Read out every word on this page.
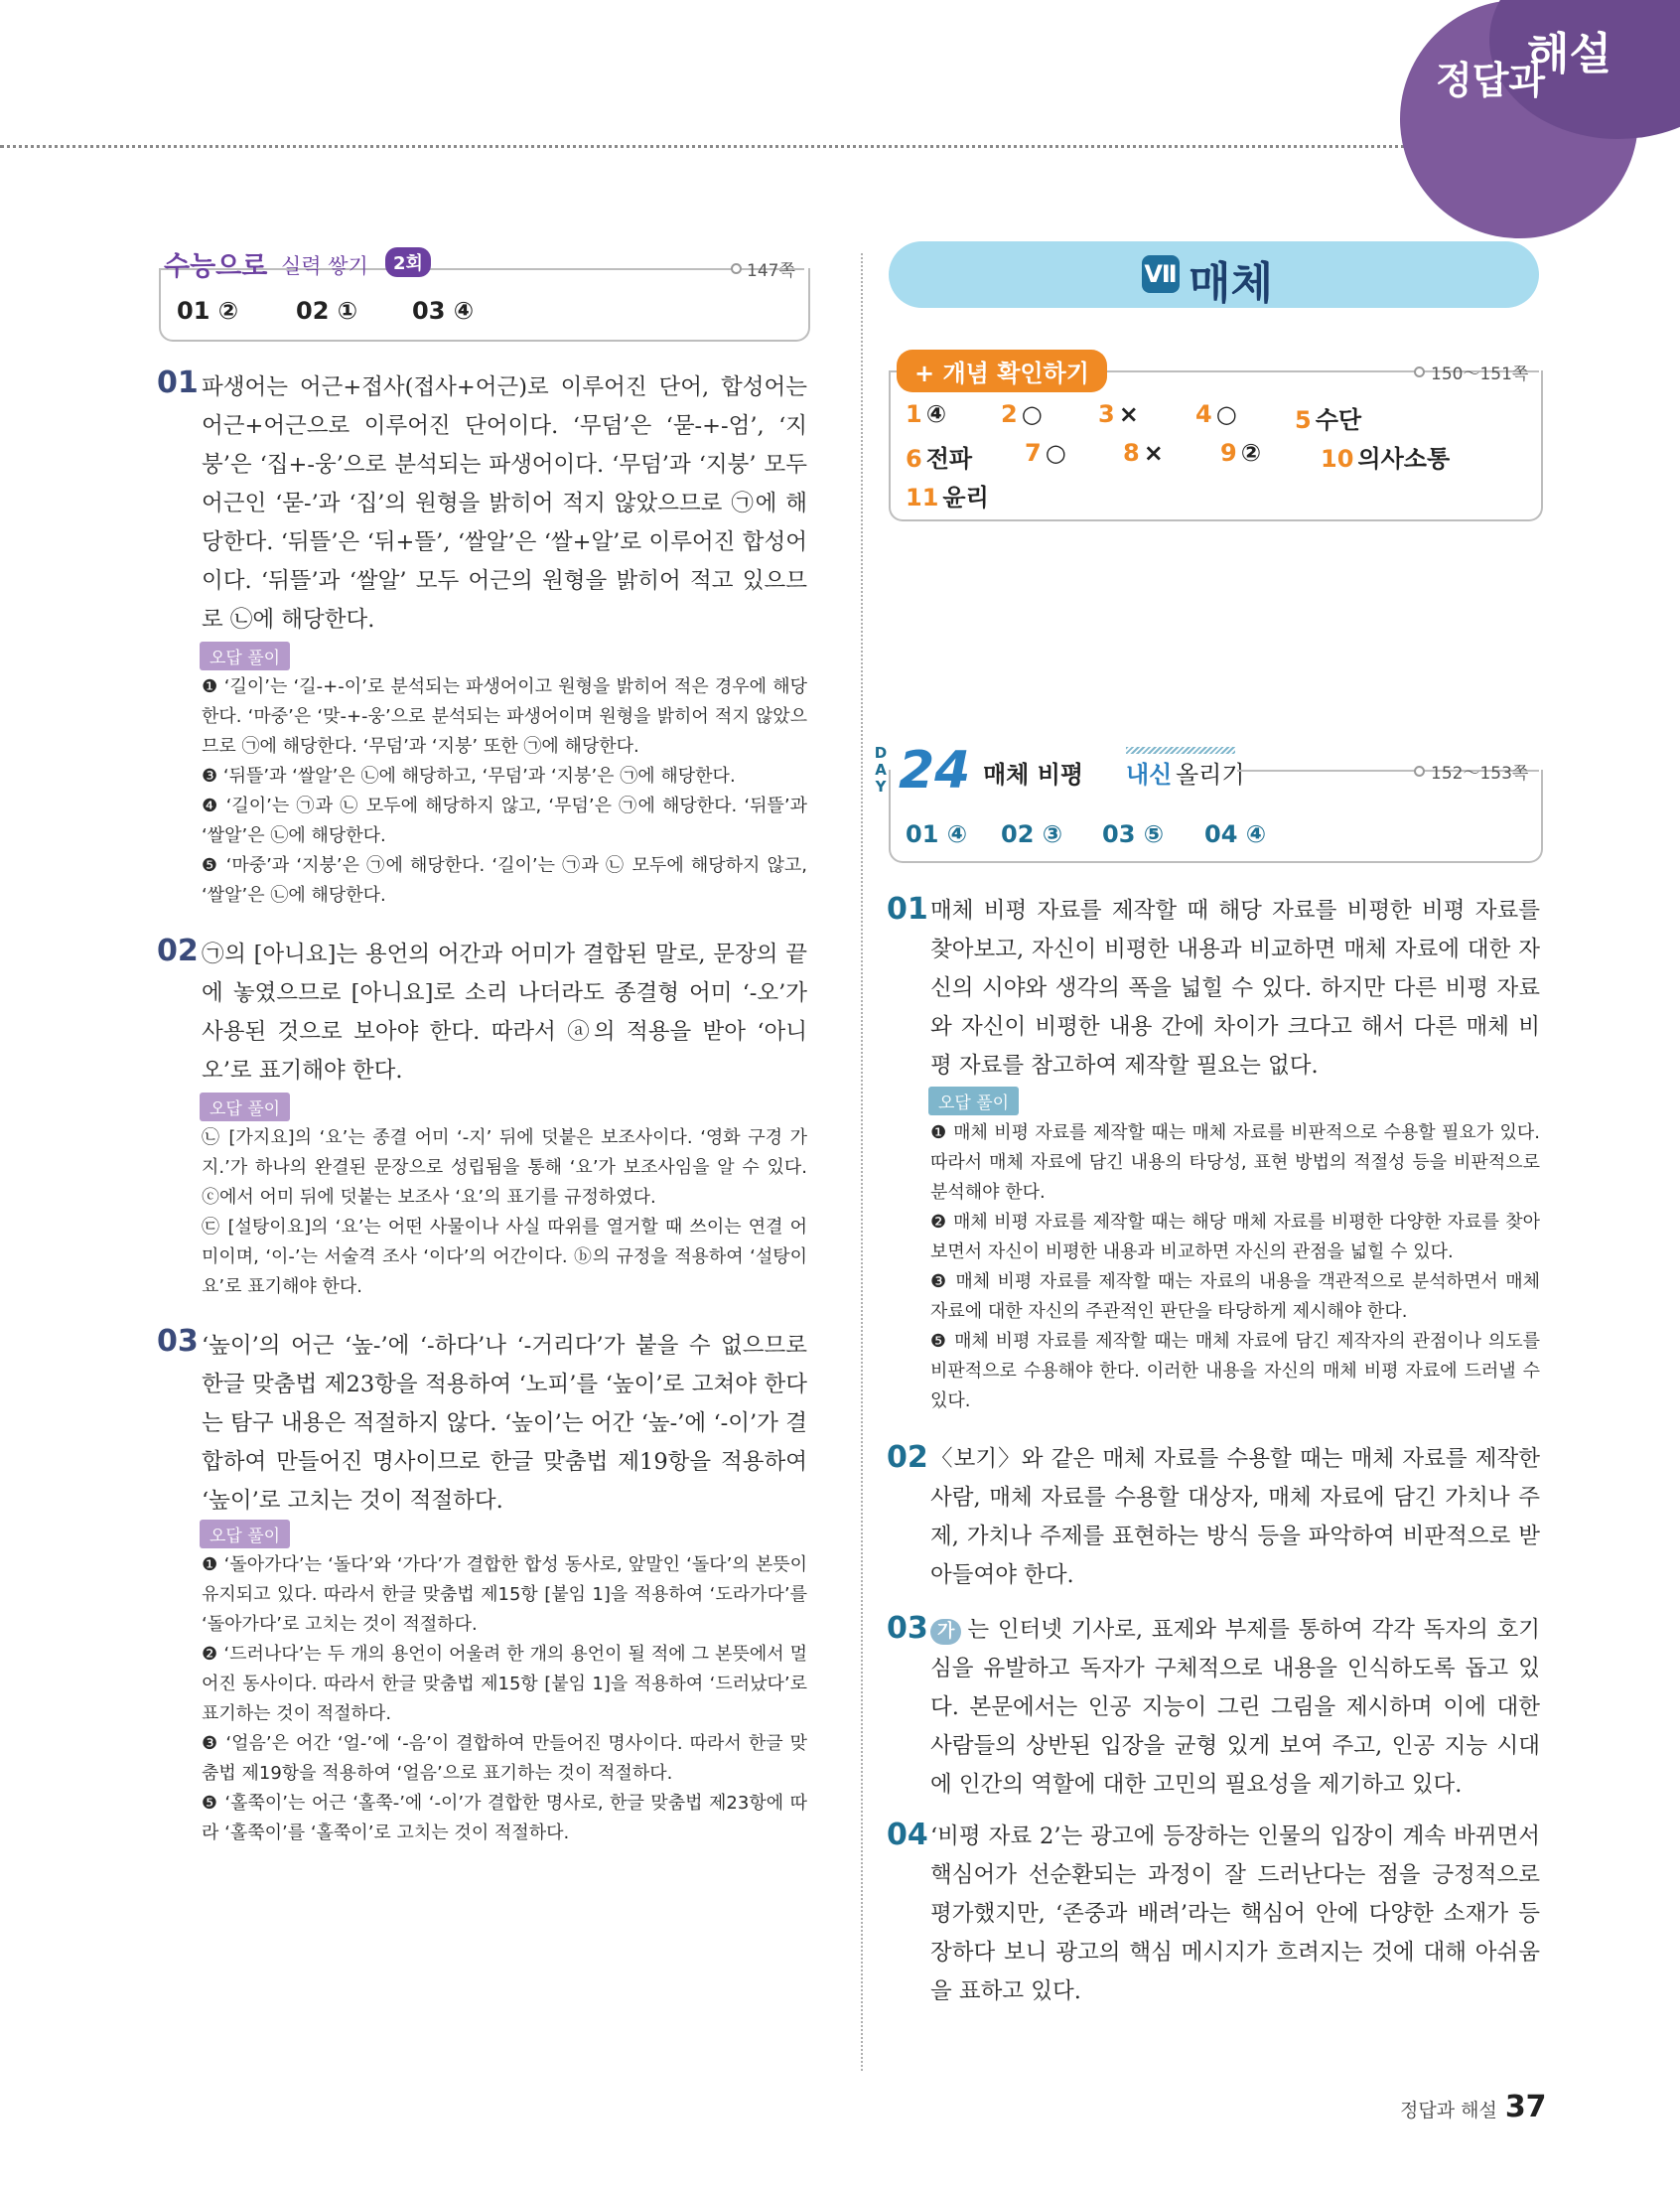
정답과
해설
수능으로 실력 쌓기	2회	147쪽
01 ② 02 ① 03 ④
01 파생어는 어근+접사(접사+어근)로 이루어진 단어, 합성어는 어근+어근으로 이루어진 단어이다. ‘무덤’은 ‘묻-+-엄’, ‘지붕’은 ‘집+-웅’으로 분석되는 파생어이다. ‘무덤’과 ‘지붕’ 모두 어근인 ‘묻-’과 ‘집’의 원형을 밝히어 적지 않았으므로 ㉠에 해당한다. ‘뒤뜰’은 ‘뒤+뜰’, ‘쌀알’은 ‘쌀+알’로 이루어진 합성어이다. ‘뒤뜰’과 ‘쌀알’ 모두 어근의 원형을 밝히어 적고 있으므로 ㉡에 해당한다.

오답 풀이

❶ ‘길이’는 ‘길-+-이’로 분석되는 파생어이고 원형을 밝히어 적은 경우에 해당한다. ‘마중’은 ‘맞-+-웅’으로 분석되는 파생어이며 원형을 밝히어 적지 않았으므로 ㉠에 해당한다. ‘무덤’과 ‘지붕’ 또한 ㉠에 해당한다.

❸ ‘뒤뜰’과 ‘쌀알’은 ㉡에 해당하고, ‘무덤’과 ‘지붕’은 ㉠에 해당한다.

❹ ‘길이’는 ㉠과 ㉡ 모두에 해당하지 않고, ‘무덤’은 ㉠에 해당한다. ‘뒤뜰’과 ‘쌀알’은 ㉡에 해당한다.

❺ ‘마중’과 ‘지붕’은 ㉠에 해당한다. ‘길이’는 ㉠과 ㉡ 모두에 해당하지 않고, ‘쌀알’은 ㉡에 해당한다.

02 ㉠의 [아니요]는 용언의 어간과 어미가 결합된 말로, 문장의 끝에 놓였으므로 [아니요]로 소리 나더라도 종결형 어미 ‘-오’가 사용된 것으로 보아야 한다. 따라서 ⓐ의 적용을 받아 ‘아니오’로 표기해야 한다.

오답 풀이

㉡ [가지요]의 ‘요’는 종결 어미 ‘-지’ 뒤에 덧붙은 보조사이다. ‘영화 구경 가지.’가 하나의 완결된 문장으로 성립됨을 통해 ‘요’가 보조사임을 알 수 있다. ⓒ에서 어미 뒤에 덧붙는 보조사 ‘요’의 표기를 규정하였다.

㉢ [설탕이요]의 ‘요’는 어떤 사물이나 사실 따위를 열거할 때 쓰이는 연결 어미이며, ‘이-’는 서술격 조사 ‘이다’의 어간이다. ⓑ의 규정을 적용하여 ‘설탕이요’로 표기해야 한다.

03 ‘높이’의 어근 ‘높-’에 ‘-하다’나 ‘-거리다’가 붙을 수 없으므로 한글 맞춤법 제23항을 적용하여 ‘노피’를 ‘높이’로 고쳐야 한다는 탐구 내용은 적절하지 않다. ‘높이’는 어간 ‘높-’에 ‘-이’가 결합하여 만들어진 명사이므로 한글 맞춤법 제19항을 적용하여 ‘높이’로 고치는 것이 적절하다.

오답 풀이

❶ ‘돌아가다’는 ‘돌다’와 ‘가다’가 결합한 합성 동사로, 앞말인 ‘돌다’의 본뜻이 유지되고 있다. 따라서 한글 맞춤법 제15항 [붙임 1]을 적용하여 ‘도라가다’를 ‘돌아가다’로 고치는 것이 적절하다.

❷ ‘드러나다’는 두 개의 용언이 어울려 한 개의 용언이 될 적에 그 본뜻에서 멀어진 동사이다. 따라서 한글 맞춤법 제15항 [붙임 1]을 적용하여 ‘드러났다’로 표기하는 것이 적절하다.

❸ ‘얼음’은 어간 ‘얼-’에 ‘-음’이 결합하여 만들어진 명사이다. 따라서 한글 맞춤법 제19항을 적용하여 ‘얼음’으로 표기하는 것이 적절하다.

❺ ‘홀쭉이’는 어근 ‘홀쭉-’에 ‘-이’가 결합한 명사로, 한글 맞춤법 제23항에 따라 ‘홀쭉이’를 ‘홀쭉이’로 고치는 것이 적절하다.

Ⅶ 매체
+ 개념 확인하기	150～151쪽
1 ④ 2 ○ 3 × 4 ○ 5 수단
6 전파 7 ○ 8 × 9 ② 10 의사소통
11 윤리
DAY 24 매체 비평 내신 올리기	152～153쪽
01 ④ 02 ③ 03 ⑤ 04 ④
01 매체 비평 자료를 제작할 때 해당 자료를 비평한 비평 자료를 찾아보고, 자신이 비평한 내용과 비교하면 매체 자료에 대한 자신의 시야와 생각의 폭을 넓힐 수 있다. 하지만 다른 비평 자료와 자신이 비평한 내용 간에 차이가 크다고 해서 다른 매체 비평 자료를 참고하여 제작할 필요는 없다.

오답 풀이

❶ 매체 비평 자료를 제작할 때는 매체 자료를 비판적으로 수용할 필요가 있다. 따라서 매체 자료에 담긴 내용의 타당성, 표현 방법의 적절성 등을 비판적으로 분석해야 한다.

❷ 매체 비평 자료를 제작할 때는 해당 매체 자료를 비평한 다양한 자료를 찾아보면서 자신이 비평한 내용과 비교하면 자신의 관점을 넓힐 수 있다.

❸ 매체 비평 자료를 제작할 때는 자료의 내용을 객관적으로 분석하면서 매체 자료에 대한 자신의 주관적인 판단을 타당하게 제시해야 한다.

❺ 매체 비평 자료를 제작할 때는 매체 자료에 담긴 제작자의 관점이나 의도를 비판적으로 수용해야 한다. 이러한 내용을 자신의 매체 비평 자료에 드러낼 수 있다.

02 〈보기〉와 같은 매체 자료를 수용할 때는 매체 자료를 제작한 사람, 매체 자료를 수용할 대상자, 매체 자료에 담긴 가치나 주제, 가치나 주제를 표현하는 방식 등을 파악하여 비판적으로 받아들여야 한다.

03 가 는 인터넷 기사로, 표제와 부제를 통하여 각각 독자의 호기심을 유발하고 독자가 구체적으로 내용을 인식하도록 돕고 있다. 본문에서는 인공 지능이 그린 그림을 제시하며 이에 대한 사람들의 상반된 입장을 균형 있게 보여 주고, 인공 지능 시대에 인간의 역할에 대한 고민의 필요성을 제기하고 있다.

04 ‘비평 자료 2’는 광고에 등장하는 인물의 입장이 계속 바뀌면서 핵심어가 선순환되는 과정이 잘 드러난다는 점을 긍정적으로 평가했지만, ‘존중과 배려’라는 핵심어 안에 다양한 소재가 등장하다 보니 광고의 핵심 메시지가 흐려지는 것에 대해 아쉬움을 표하고 있다.

정답과 해설 37
